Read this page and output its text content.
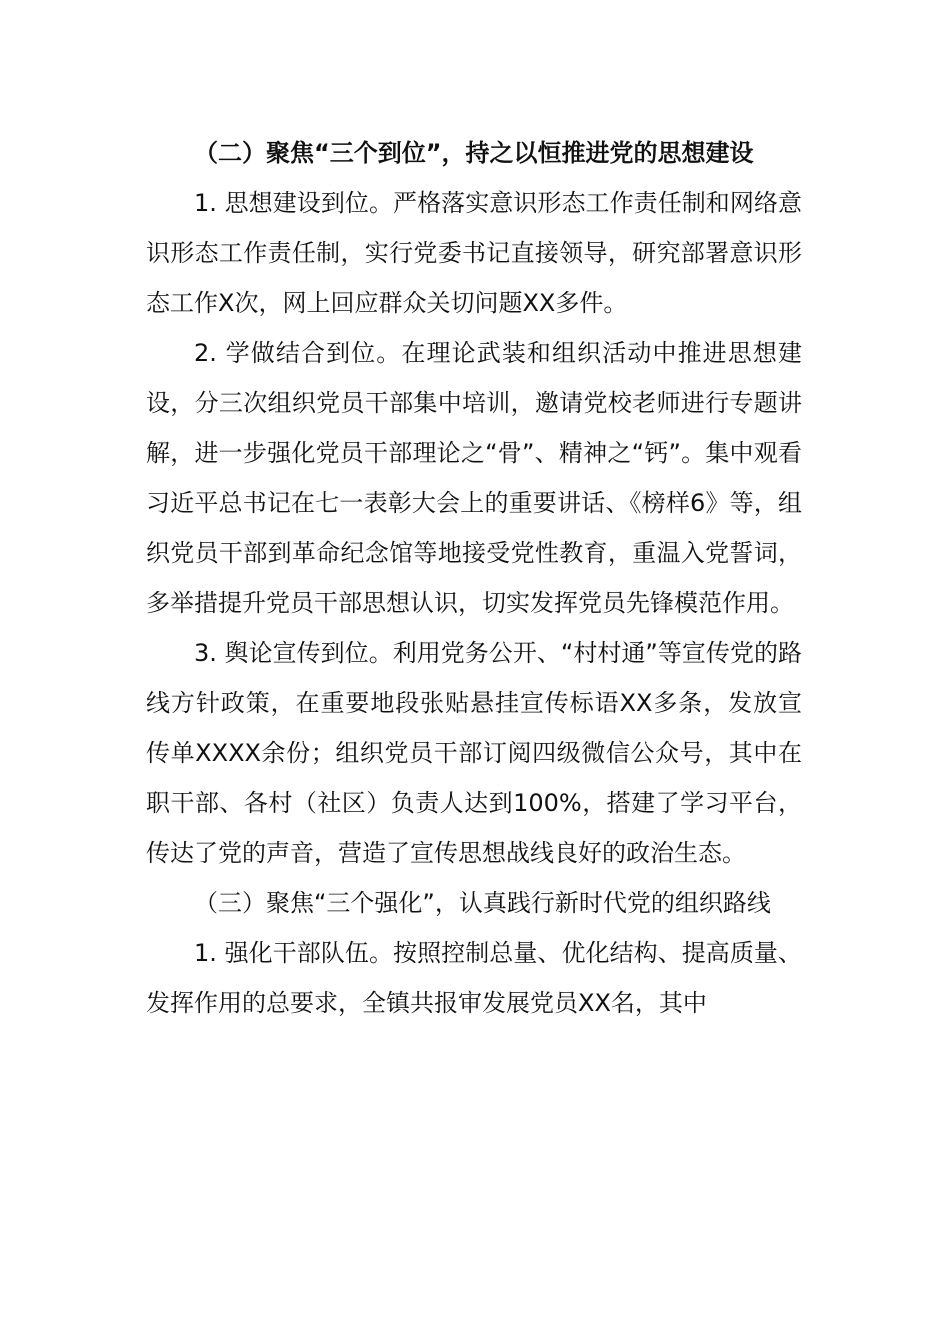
（二）聚焦“三个到位”，持之以恒推进党的思想建设

1. 思想建设到位。严格落实意识形态工作责任制和网络意识形态工作责任制，实行党委书记直接领导，研究部署意识形态工作X次，网上回应群众关切问题XX多件。

2. 学做结合到位。在理论武装和组织活动中推进思想建设，分三次组织党员干部集中培训，邀请党校老师进行专题讲解，进一步强化党员干部理论之“骨”、精神之“钙”。集中观看习近平总书记在七一表彰大会上的重要讲话、《榜样6》等，组织党员干部到革命纪念馆等地接受党性教育，重温入党誓词，多举措提升党员干部思想认识，切实发挥党员先锋模范作用。

3. 舆论宣传到位。利用党务公开、“村村通”等宣传党的路线方针政策，在重要地段张贴悬挂宣传标语XX多条，发放宣传单XXXX余份；组织党员干部订阅四级微信公众号，其中在职干部、各村（社区）负责人达到100%，搭建了学习平台，传达了党的声音，营造了宣传思想战线良好的政治生态。

（三）聚焦“三个强化”，认真践行新时代党的组织路线

1. 强化干部队伍。按照控制总量、优化结构、提高质量、发挥作用的总要求，全镇共报审发展党员XX名，其中
